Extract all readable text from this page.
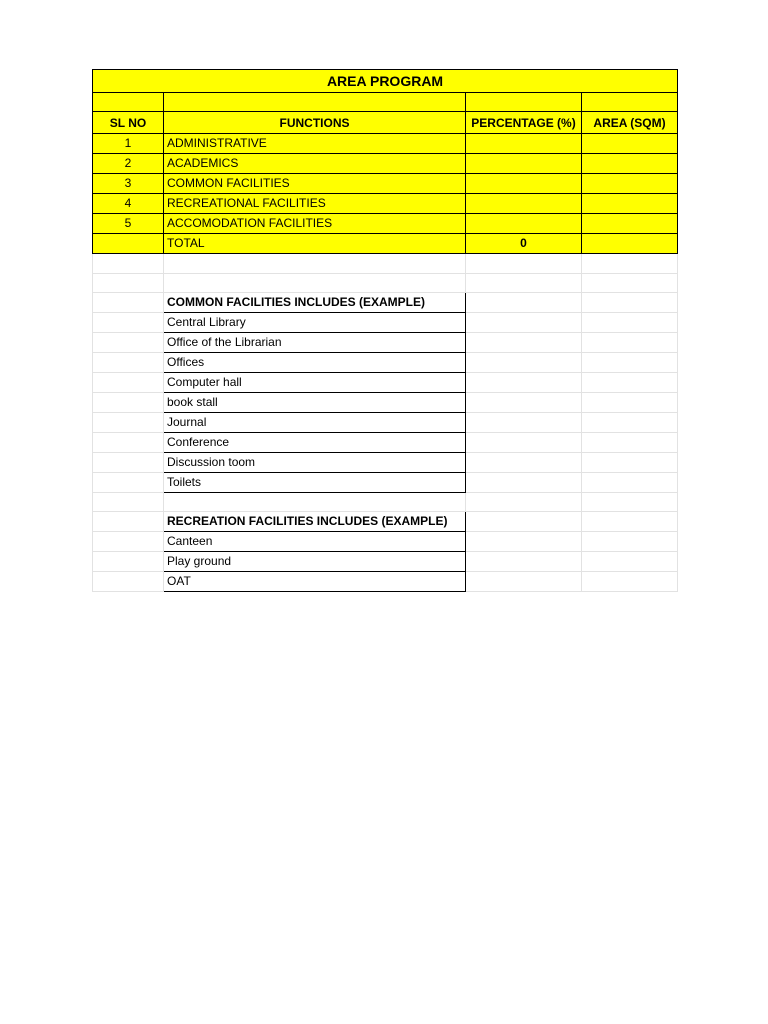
AREA PROGRAM			

SL NO	FUNCTIONS	PERCENTAGE (%)	AREA (SQM)
1	ADMINISTRATIVE		
2	ACADEMICS		
3	COMMON FACILITIES		
4	RECREATIONAL FACILITIES		
5	ACCOMODATION FACILITIES		
	TOTAL	0	

	COMMON FACILITIES INCLUDES (EXAMPLE)		
	Central Library		
	Office of the Librarian		
	Offices		
	Computer hall		
	book stall		
	Journal		
	Conference		
	Discussion toom		
	Toilets		

	RECREATION FACILITIES INCLUDES (EXAMPLE)		
	Canteen		
	Play ground		
	OAT		
